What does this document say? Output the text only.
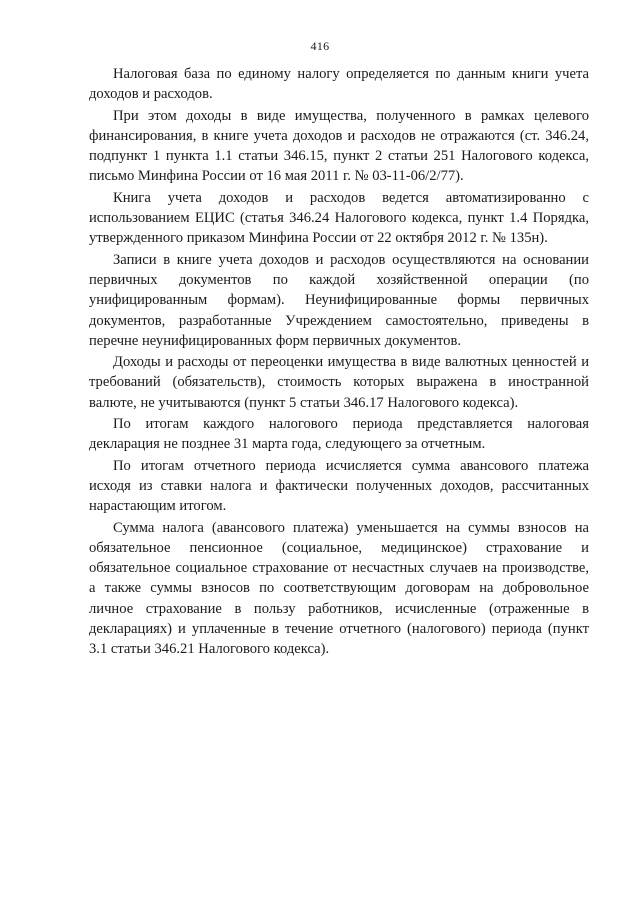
416

Налоговая база по единому налогу определяется по данным книги учета доходов и расходов.

При этом доходы в виде имущества, полученного в рамках целевого финансирования, в книге учета доходов и расходов не отражаются (ст. 346.24, подпункт 1 пункта 1.1 статьи 346.15, пункт 2 статьи 251 Налогового кодекса, письмо Минфина России от 16 мая 2011 г. № 03-11-06/2/77).

Книга учета доходов и расходов ведется автоматизированно с использованием ЕЦИС (статья 346.24 Налогового кодекса, пункт 1.4 Порядка, утвержденного приказом Минфина России от 22 октября 2012 г. № 135н).

Записи в книге учета доходов и расходов осуществляются на основании первичных документов по каждой хозяйственной операции (по унифицированным формам). Неунифицированные формы первичных документов, разработанные Учреждением самостоятельно, приведены в перечне неунифицированных форм первичных документов.

Доходы и расходы от переоценки имущества в виде валютных ценностей и требований (обязательств), стоимость которых выражена в иностранной валюте, не учитываются (пункт 5 статьи 346.17 Налогового кодекса).

По итогам каждого налогового периода представляется налоговая декларация не позднее 31 марта года, следующего за отчетным.

По итогам отчетного периода исчисляется сумма авансового платежа исходя из ставки налога и фактически полученных доходов, рассчитанных нарастающим итогом.

Сумма налога (авансового платежа) уменьшается на суммы взносов на обязательное пенсионное (социальное, медицинское) страхование и обязательное социальное страхование от несчастных случаев на производстве, а также суммы взносов по соответствующим договорам на добровольное личное страхование в пользу работников, исчисленные (отраженные в декларациях) и уплаченные в течение отчетного (налогового) периода (пункт 3.1 статьи 346.21 Налогового кодекса).
